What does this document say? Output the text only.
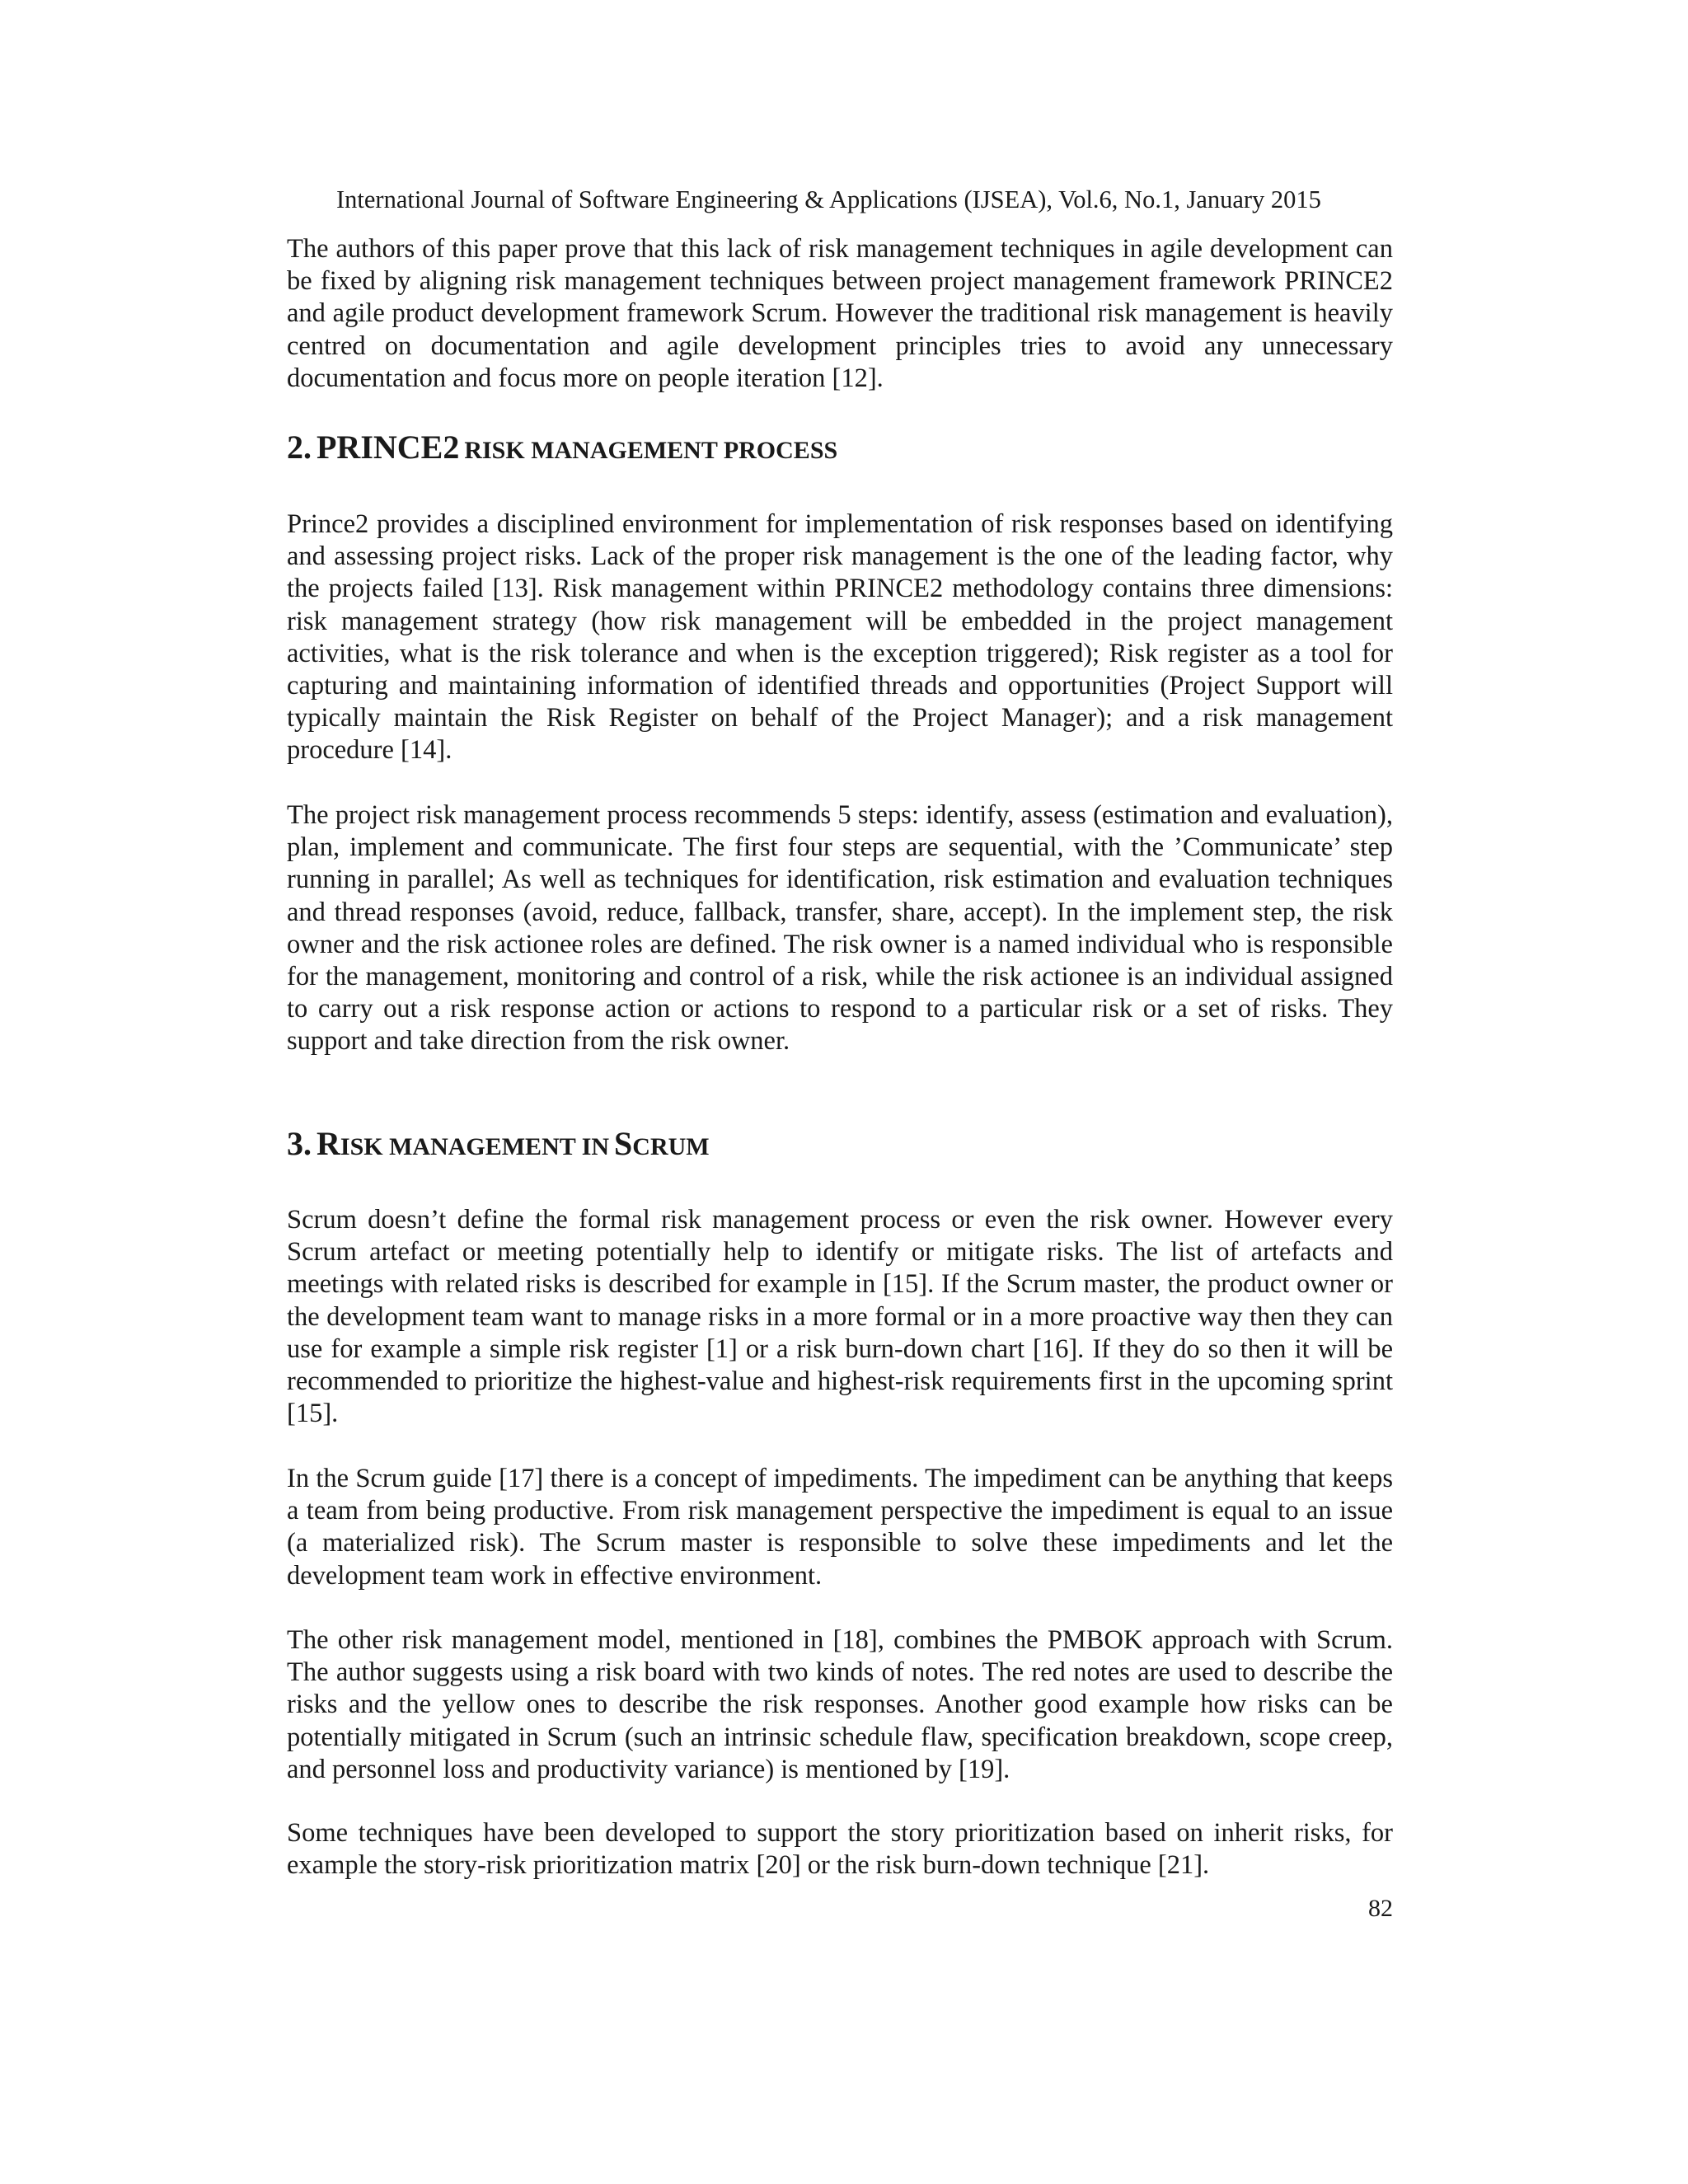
International Journal of Software Engineering & Applications (IJSEA), Vol.6, No.1, January 2015

The authors of this paper prove that this lack of risk management techniques in agile development can be fixed by aligning risk management techniques between project management framework PRINCE2 and agile product development framework Scrum. However the traditional risk management is heavily centred on documentation and agile development principles tries to avoid any unnecessary documentation and focus more on people iteration [12].

2. PRINCE2 RISK MANAGEMENT PROCESS

Prince2 provides a disciplined environment for implementation of risk responses based on identifying and assessing project risks. Lack of the proper risk management is the one of the leading factor, why the projects failed [13]. Risk management within PRINCE2 methodology contains three dimensions: risk management strategy (how risk management will be embedded in the project management activities, what is the risk tolerance and when is the exception triggered); Risk register as a tool for capturing and maintaining information of identified threads and opportunities (Project Support will typically maintain the Risk Register on behalf of the Project Manager); and a risk management procedure [14].

The project risk management process recommends 5 steps: identify, assess (estimation and evaluation), plan, implement and communicate. The first four steps are sequential, with the ’Communicate’ step running in parallel; As well as techniques for identification, risk estimation and evaluation techniques and thread responses (avoid, reduce, fallback, transfer, share, accept). In the implement step, the risk owner and the risk actionee roles are defined. The risk owner is a named individual who is responsible for the management, monitoring and control of a risk, while the risk actionee is an individual assigned to carry out a risk response action or actions to respond to a particular risk or a set of risks. They support and take direction from the risk owner.

3. RISK MANAGEMENT IN SCRUM

Scrum doesn’t define the formal risk management process or even the risk owner. However every Scrum artefact or meeting potentially help to identify or mitigate risks. The list of artefacts and meetings with related risks is described for example in [15]. If the Scrum master, the product owner or the development team want to manage risks in a more formal or in a more proactive way then they can use for example a simple risk register [1] or a risk burn-down chart [16]. If they do so then it will be recommended to prioritize the highest-value and highest-risk requirements first in the upcoming sprint [15].

In the Scrum guide [17] there is a concept of impediments. The impediment can be anything that keeps a team from being productive. From risk management perspective the impediment is equal to an issue (a materialized risk). The Scrum master is responsible to solve these impediments and let the development team work in effective environment.

The other risk management model, mentioned in [18], combines the PMBOK approach with Scrum. The author suggests using a risk board with two kinds of notes. The red notes are used to describe the risks and the yellow ones to describe the risk responses. Another good example how risks can be potentially mitigated in Scrum (such an intrinsic schedule flaw, specification breakdown, scope creep, and personnel loss and productivity variance) is mentioned by [19].

Some techniques have been developed to support the story prioritization based on inherit risks, for example the story-risk prioritization matrix [20] or the risk burn-down technique [21].

82
